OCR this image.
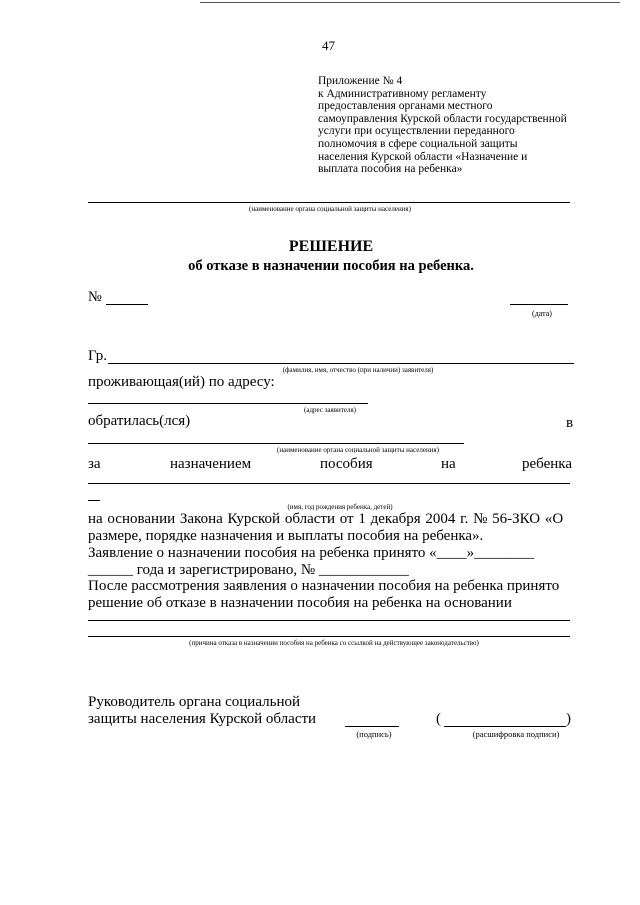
47
Приложение № 4
к Административному регламенту
предоставления органами местного
самоуправления Курской области государственной
услуги при осуществлении переданного
полномочия в сфере социальной защиты
населения Курской области «Назначение и
выплата пособия на ребенка»
(наименование органа социальной защиты населения)
РЕШЕНИЕ
об отказе в назначении пособия на ребенка.
№
(дата)
Гр.
(фамилия, имя, отчество (при наличии) заявителя)
проживающая(ий) по адресу:
(адрес заявителя)
обратилась(лся)	в
(наименование органа социальной защиты населения)
за	назначением	пособия	на	ребенка
(имя, год рождения ребенка, детей)
на основании Закона Курской области от 1 декабря 2004 г. № 56-ЗКО «О
размере, порядке назначения и выплаты пособия на ребенка».
Заявление о назначении пособия на ребенка принято «____»________
______ года и зарегистрировано, № ____________
После рассмотрения заявления о назначении пособия на ребенка принято
решение об отказе в назначении пособия на ребенка на основании
(причина отказа в назначении пособия на ребенка со ссылкой на действующее законодательство)
Руководитель органа социальной
защиты населения Курской области
(подпись)
(	)
(расшифровка подписи)
